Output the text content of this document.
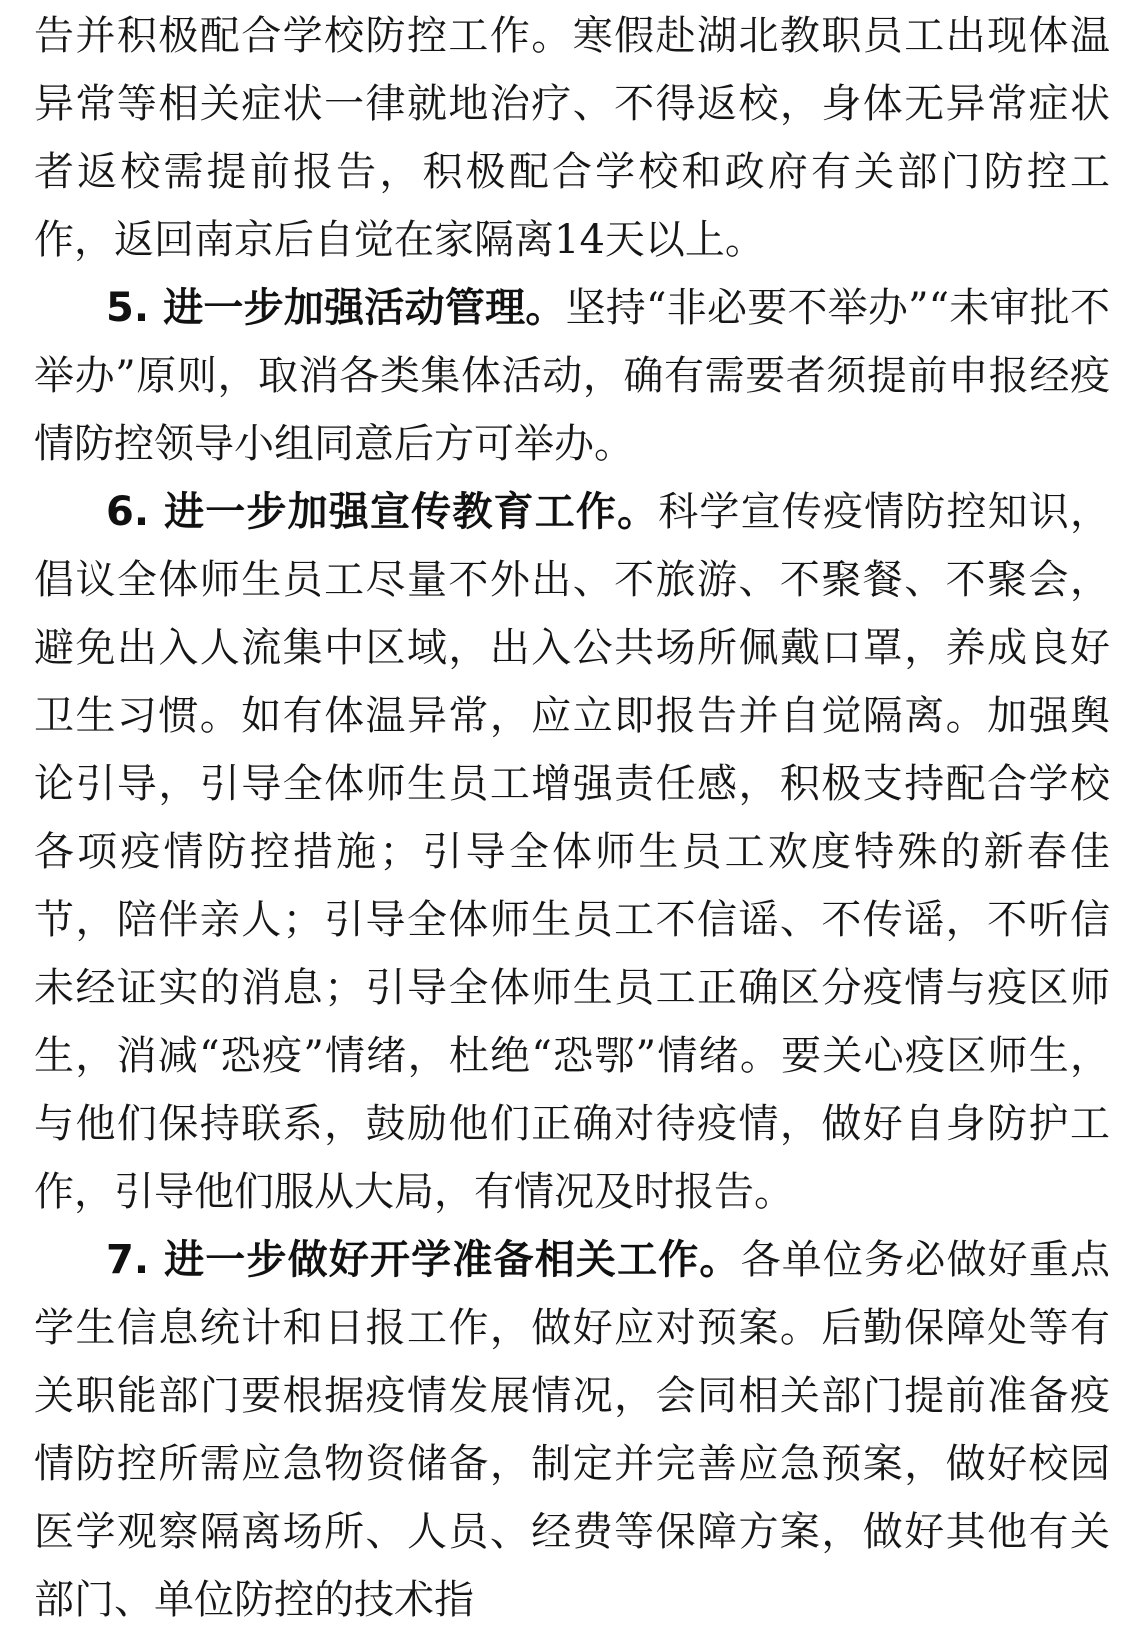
告并积极配合学校防控工作。寒假赴湖北教职员工出现体温异常等相关症状一律就地治疗、不得返校，身体无异常症状者返校需提前报告，积极配合学校和政府有关部门防控工作，返回南京后自觉在家隔离14天以上。

5. 进一步加强活动管理。坚持“非必要不举办”“未审批不举办”原则，取消各类集体活动，确有需要者须提前申报经疫情防控领导小组同意后方可举办。

6. 进一步加强宣传教育工作。科学宣传疫情防控知识，倡议全体师生员工尽量不外出、不旅游、不聚餐、不聚会，避免出入人流集中区域，出入公共场所佩戴口罩，养成良好卫生习惯。如有体温异常，应立即报告并自觉隔离。加强舆论引导，引导全体师生员工增强责任感，积极支持配合学校各项疫情防控措施；引导全体师生员工欢度特殊的新春佳节，陪伴亲人；引导全体师生员工不信谣、不传谣，不听信未经证实的消息；引导全体师生员工正确区分疫情与疫区师生，消减“恐疫”情绪，杜绝“恐鄂”情绪。要关心疫区师生，与他们保持联系，鼓励他们正确对待疫情，做好自身防护工作，引导他们服从大局，有情况及时报告。

7. 进一步做好开学准备相关工作。各单位务必做好重点学生信息统计和日报工作，做好应对预案。后勤保障处等有关职能部门要根据疫情发展情况，会同相关部门提前准备疫情防控所需应急物资储备，制定并完善应急预案，做好校园医学观察隔离场所、人员、经费等保障方案，做好其他有关部门、单位防控的技术指
